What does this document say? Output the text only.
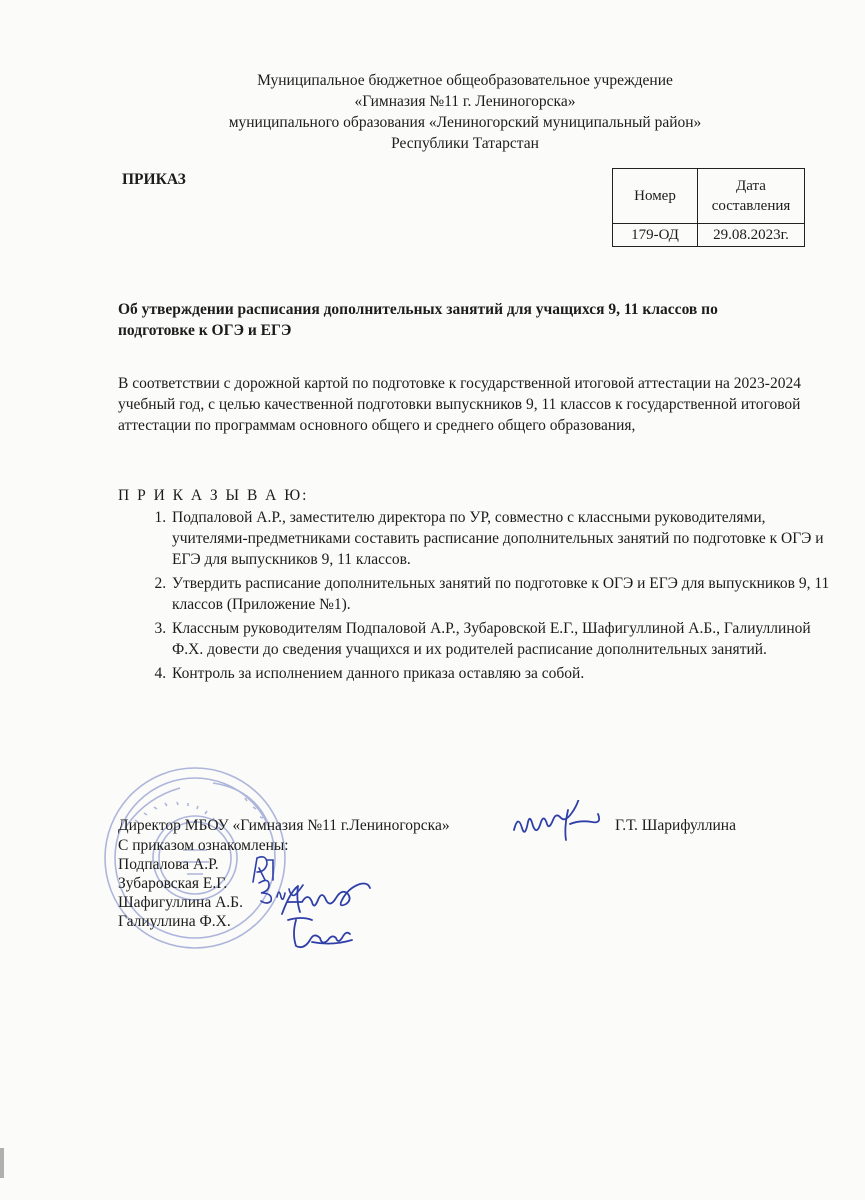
Муниципальное бюджетное общеобразовательное учреждение
«Гимназия №11 г. Лениногорска»
муниципального образования «Лениногорский муниципальный район»
Республики Татарстан
ПРИКАЗ
Номер	Дата
составления
179-ОД	29.08.2023г.
Об утверждении расписания дополнительных занятий для учащихся 9, 11 классов по подготовке к ОГЭ и ЕГЭ
В соответствии с дорожной картой по подготовке к государственной итоговой аттестации на 2023-2024 учебный год, с целью качественной подготовки выпускников 9, 11 классов к государственной итоговой аттестации по программам основного общего и среднего общего образования,
П Р И К А З Ы В А Ю:
1. Подпаловой А.Р., заместителю директора по УР, совместно с классными руководителями, учителями-предметниками составить расписание дополнительных занятий по подготовке к ОГЭ и ЕГЭ для выпускников 9, 11 классов.
2. Утвердить расписание дополнительных занятий по подготовке к ОГЭ и ЕГЭ для выпускников 9, 11 классов (Приложение №1).
3. Классным руководителям Подпаловой А.Р., Зубаровской Е.Г., Шафигуллиной А.Б., Галиуллиной Ф.Х. довести до сведения учащихся и их родителей расписание дополнительных занятий.
4. Контроль за исполнением данного приказа оставляю за собой.
Директор МБОУ «Гимназия №11 г.Лениногорска»	Г.Т. Шарифуллина
С приказом ознакомлены:
Подпалова А.Р.
Зубаровская Е.Г.
Шафигуллина А.Б.
Галиуллина Ф.Х.
